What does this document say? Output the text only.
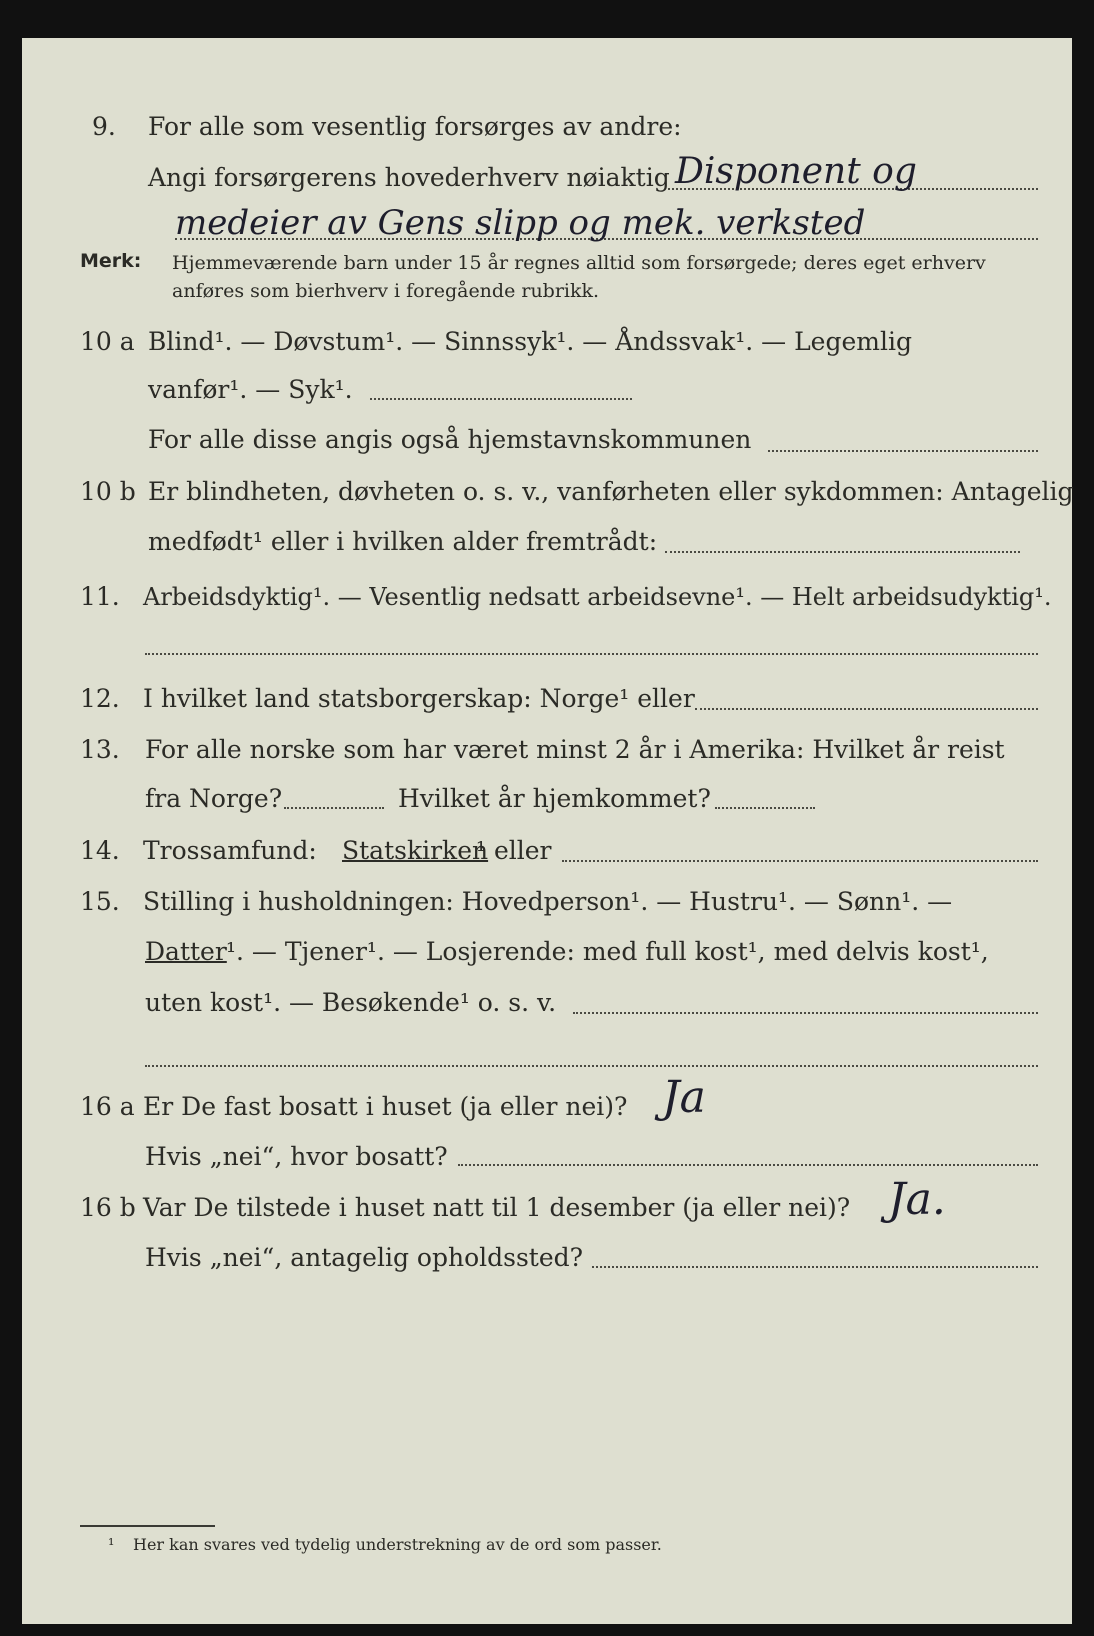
9. For alle som vesentlig forsørges av andre:
Angi forsørgerens hovederhverv nøiaktig Disponent og
medeier av Gens slipp og mek. verksted
Merk: Hjemmeværende barn under 15 år regnes alltid som forsørgede; deres eget erhverv
anføres som bierhverv i foregående rubrikk.
10 a Blind¹. — Døvstum¹. — Sinnssyk¹. — Åndssvak¹. — Legemlig
vanfør¹. — Syk¹.
For alle disse angis også hjemstavnskommunen
10 b Er blindheten, døvheten o. s. v., vanførheten eller sykdommen: Antagelig
medfødt¹ eller i hvilken alder fremtrådt:
11. Arbeidsdyktig¹. — Vesentlig nedsatt arbeidsevne¹. — Helt arbeidsudyktig¹.
12. I hvilket land statsborgerskap: Norge¹ eller
13. For alle norske som har været minst 2 år i Amerika: Hvilket år reist
fra Norge?	Hvilket år hjemkommet?
14. Trossamfund: Statskirken
¹ eller
15. Stilling i husholdningen: Hovedperson¹. — Hustru¹. — Sønn¹. —
Datter ¹. — Tjener¹. — Losjerende: med full kost¹, med delvis kost¹,
uten kost¹. — Besøkende¹ o. s. v.
16 a Er De fast bosatt i huset (ja eller nei)? Ja
Hvis „nei“, hvor bosatt?
16 b Var De tilstede i huset natt til 1 desember (ja eller nei)? Ja.
Hvis „nei“, antagelig opholdssted?
¹ Her kan svares ved tydelig understrekning av de ord som passer.
